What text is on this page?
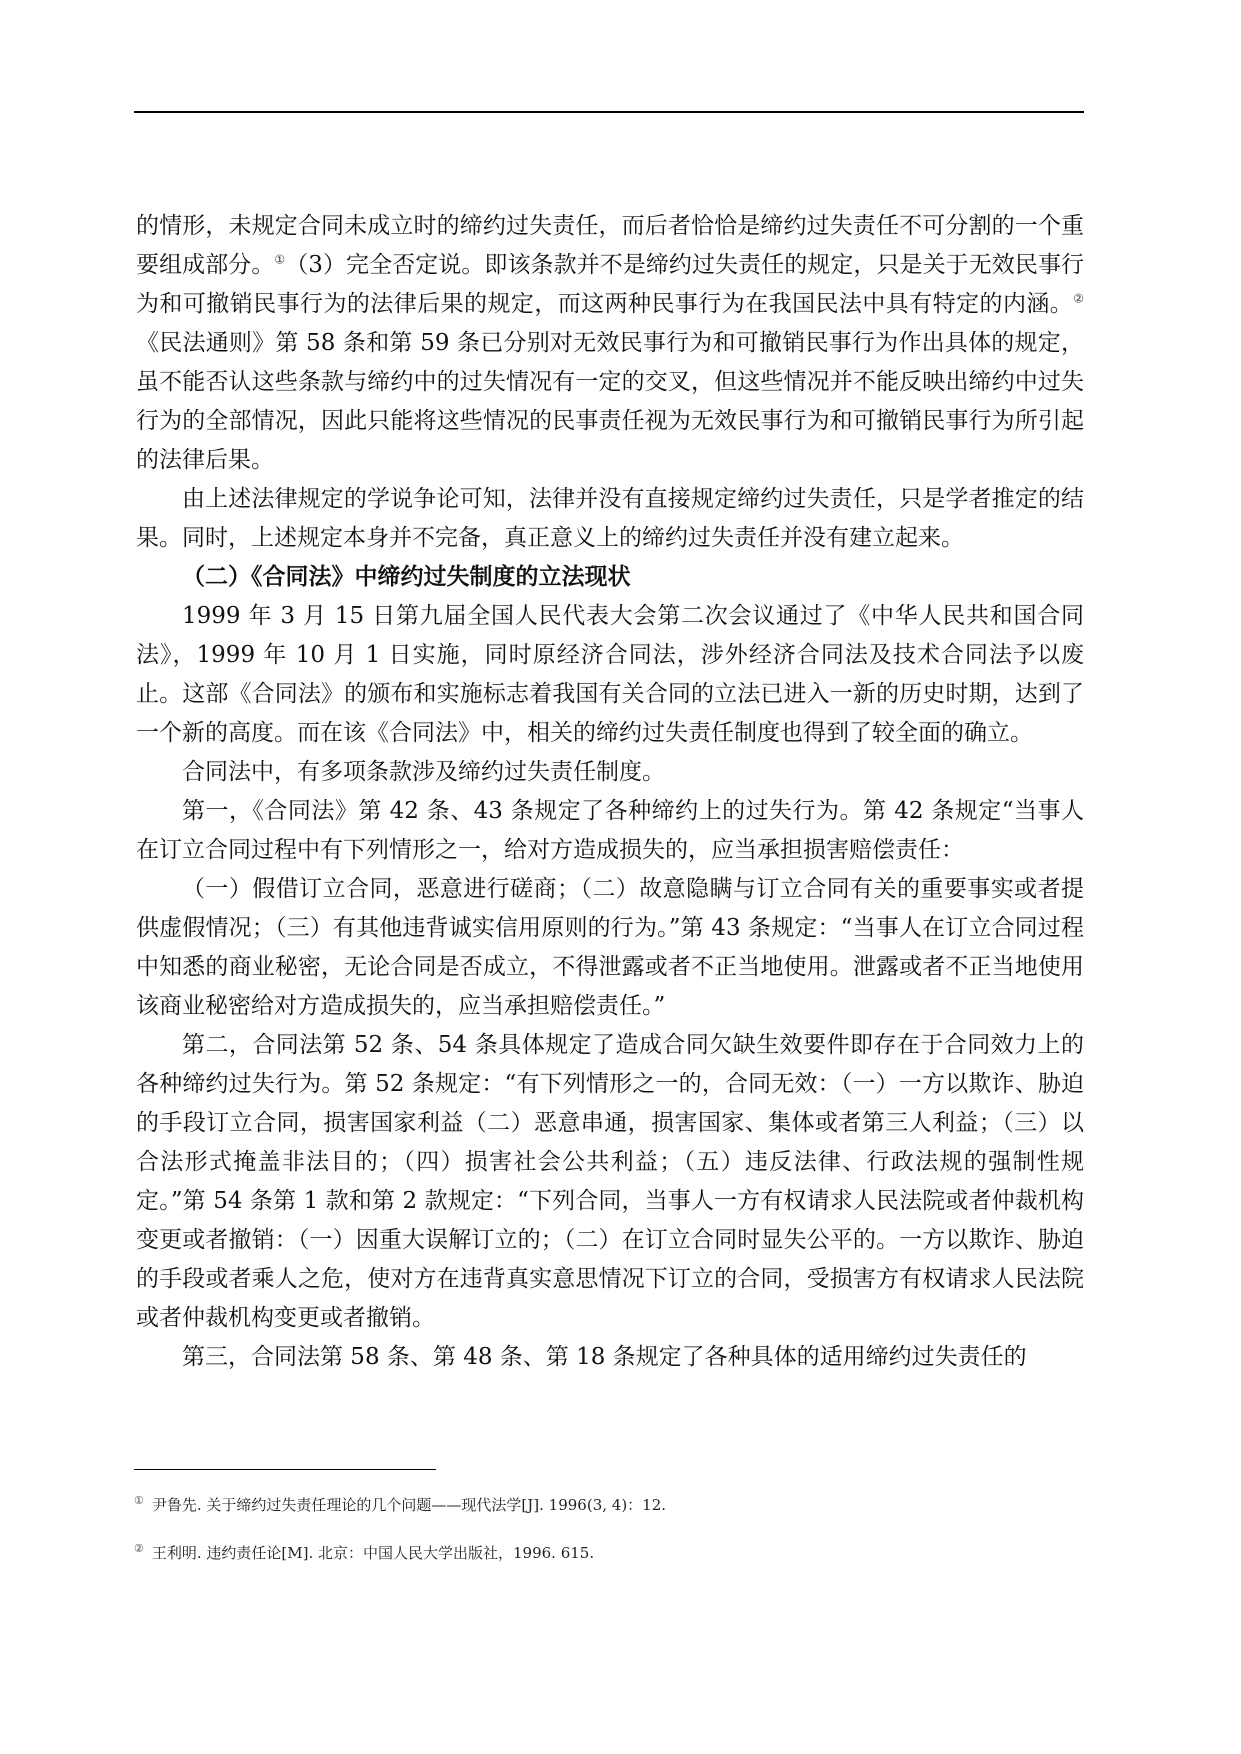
的情形，未规定合同未成立时的缔约过失责任，而后者恰恰是缔约过失责任不可分割的一个重要组成部分。①（3）完全否定说。即该条款并不是缔约过失责任的规定，只是关于无效民事行为和可撤销民事行为的法律后果的规定，而这两种民事行为在我国民法中具有特定的内涵。②《民法通则》第 58 条和第 59 条已分别对无效民事行为和可撤销民事行为作出具体的规定，虽不能否认这些条款与缔约中的过失情况有一定的交叉，但这些情况并不能反映出缔约中过失行为的全部情况，因此只能将这些情况的民事责任视为无效民事行为和可撤销民事行为所引起的法律后果。

由上述法律规定的学说争论可知，法律并没有直接规定缔约过失责任，只是学者推定的结果。同时，上述规定本身并不完备，真正意义上的缔约过失责任并没有建立起来。

（二）《合同法》中缔约过失制度的立法现状

1999 年 3 月 15 日第九届全国人民代表大会第二次会议通过了《中华人民共和国合同法》，1999 年 10 月 1 日实施，同时原经济合同法，涉外经济合同法及技术合同法予以废止。这部《合同法》的颁布和实施标志着我国有关合同的立法已进入一新的历史时期，达到了一个新的高度。而在该《合同法》中，相关的缔约过失责任制度也得到了较全面的确立。

合同法中，有多项条款涉及缔约过失责任制度。

第一，《合同法》第 42 条、43 条规定了各种缔约上的过失行为。第 42 条规定“当事人在订立合同过程中有下列情形之一，给对方造成损失的，应当承担损害赔偿责任：

（一）假借订立合同，恶意进行磋商；（二）故意隐瞒与订立合同有关的重要事实或者提供虚假情况；（三）有其他违背诚实信用原则的行为。”第 43 条规定：“当事人在订立合同过程中知悉的商业秘密，无论合同是否成立，不得泄露或者不正当地使用。泄露或者不正当地使用该商业秘密给对方造成损失的，应当承担赔偿责任。”

第二，合同法第 52 条、54 条具体规定了造成合同欠缺生效要件即存在于合同效力上的各种缔约过失行为。第 52 条规定：“有下列情形之一的，合同无效：（一）一方以欺诈、胁迫的手段订立合同，损害国家利益（二）恶意串通，损害国家、集体或者第三人利益；（三）以合法形式掩盖非法目的；（四）损害社会公共利益；（五）违反法律、行政法规的强制性规定。”第 54 条第 1 款和第 2 款规定：“下列合同，当事人一方有权请求人民法院或者仲裁机构变更或者撤销：（一）因重大误解订立的；（二）在订立合同时显失公平的。一方以欺诈、胁迫的手段或者乘人之危，使对方在违背真实意思情况下订立的合同，受损害方有权请求人民法院或者仲裁机构变更或者撤销。

第三，合同法第 58 条、第 48 条、第 18 条规定了各种具体的适用缔约过失责任的

① 尹鲁先. 关于缔约过失责任理论的几个问题——现代法学[J]. 1996(3, 4)：12.
② 王利明. 违约责任论[M]. 北京：中国人民大学出版社，1996. 615.
